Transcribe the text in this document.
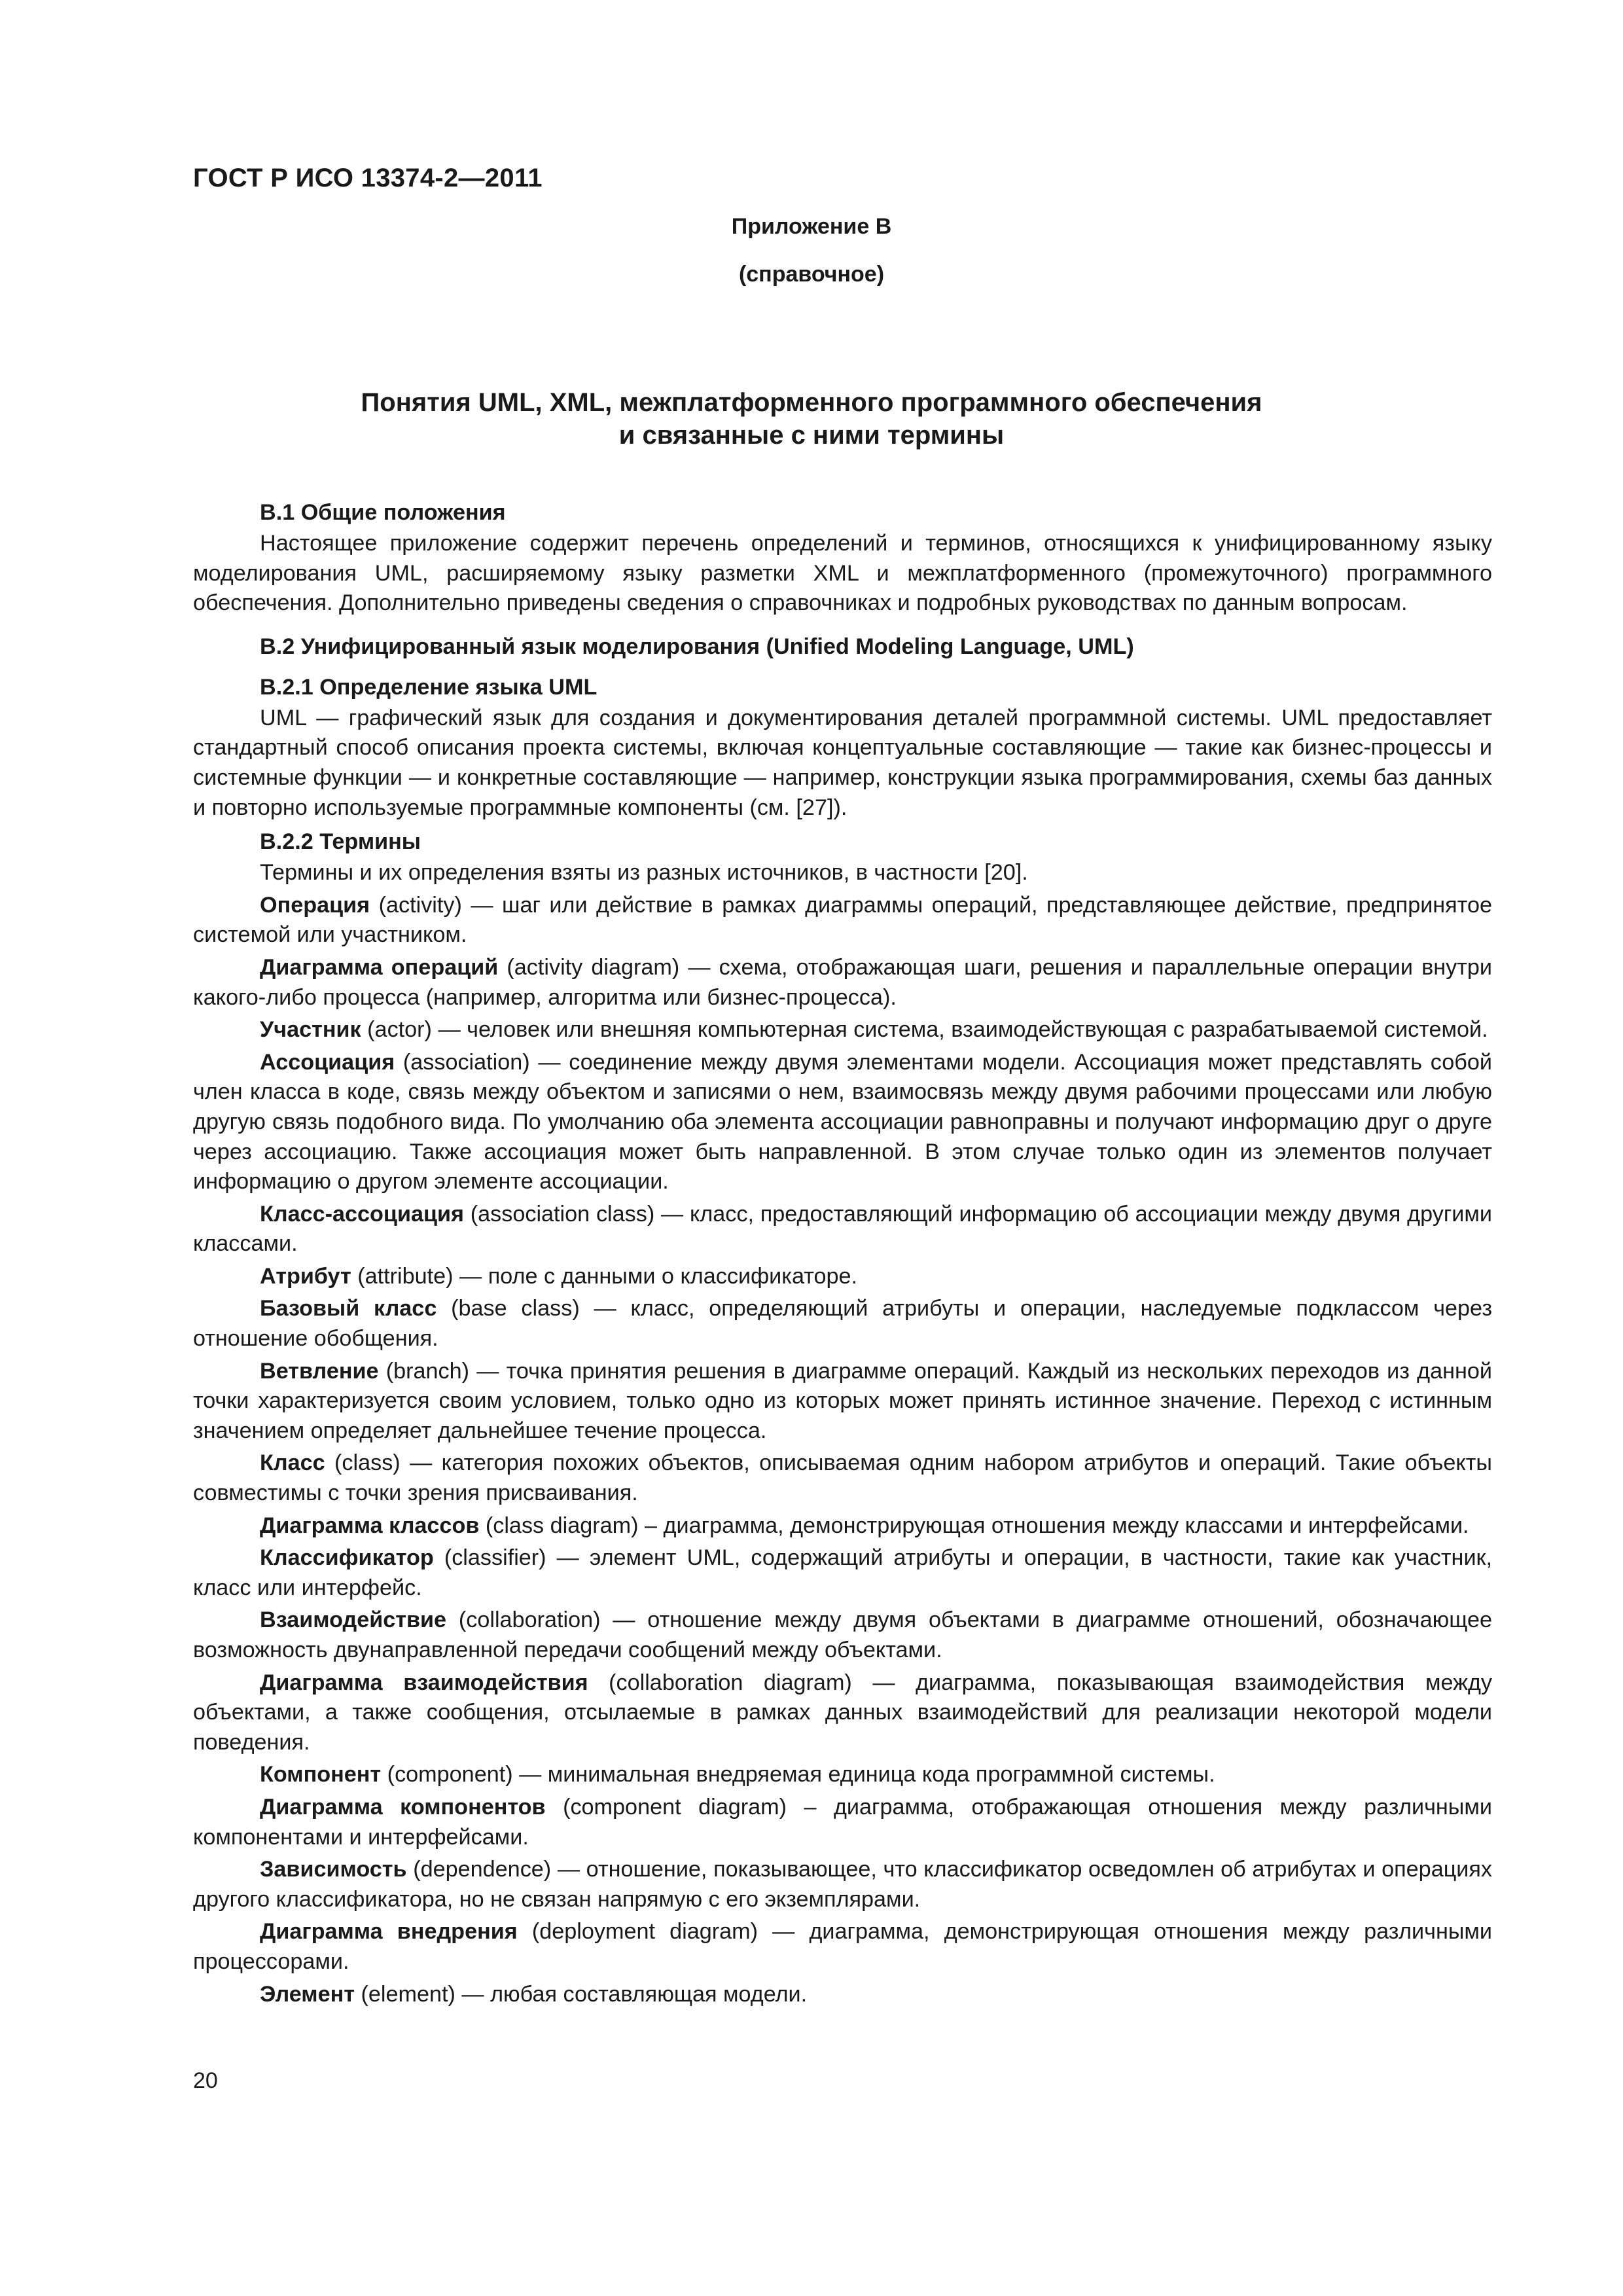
ГОСТ Р ИСО 13374-2—2011
Приложение В
(справочное)
Понятия UML, XML, межплатформенного программного обеспечения
и связанные с ними термины
В.1 Общие положения

Настоящее приложение содержит перечень определений и терминов, относящихся к унифицированному языку моделирования UML, расширяемому языку разметки XML и межплатформенного (промежуточного) программного обеспечения. Дополнительно приведены сведения о справочниках и подробных руководствах по данным вопросам.

В.2 Унифицированный язык моделирования (Unified Modeling Language, UML)
В.2.1 Определение языка UML

UML — графический язык для создания и документирования деталей программной системы. UML предоставляет стандартный способ описания проекта системы, включая концептуальные составляющие — такие как бизнес-процессы и системные функции — и конкретные составляющие — например, конструкции языка программирования, схемы баз данных и повторно используемые программные компоненты (см. [27]).

В.2.2 Термины

Термины и их определения взяты из разных источников, в частности [20].

Операция (activity) — шаг или действие в рамках диаграммы операций, представляющее действие, предпринятое системой или участником.

Диаграмма операций (activity diagram) — схема, отображающая шаги, решения и параллельные операции внутри какого-либо процесса (например, алгоритма или бизнес-процесса).

Участник (actor) — человек или внешняя компьютерная система, взаимодействующая с разрабатываемой системой.

Ассоциация (association) — соединение между двумя элементами модели. Ассоциация может представлять собой член класса в коде, связь между объектом и записями о нем, взаимосвязь между двумя рабочими процессами или любую другую связь подобного вида. По умолчанию оба элемента ассоциации равноправны и получают информацию друг о друге через ассоциацию. Также ассоциация может быть направленной. В этом случае только один из элементов получает информацию о другом элементе ассоциации.

Класс-ассоциация (association class) — класс, предоставляющий информацию об ассоциации между двумя другими классами.

Атрибут (attribute) — поле с данными о классификаторе.

Базовый класс (base class) — класс, определяющий атрибуты и операции, наследуемые подклассом через отношение обобщения.

Ветвление (branch) — точка принятия решения в диаграмме операций. Каждый из нескольких переходов из данной точки характеризуется своим условием, только одно из которых может принять истинное значение. Переход с истинным значением определяет дальнейшее течение процесса.

Класс (class) — категория похожих объектов, описываемая одним набором атрибутов и операций. Такие объекты совместимы с точки зрения присваивания.

Диаграмма классов (class diagram) – диаграмма, демонстрирующая отношения между классами и интерфейсами.

Классификатор (classifier) — элемент UML, содержащий атрибуты и операции, в частности, такие как участник, класс или интерфейс.

Взаимодействие (collaboration) — отношение между двумя объектами в диаграмме отношений, обозначающее возможность двунаправленной передачи сообщений между объектами.

Диаграмма взаимодействия (collaboration diagram) — диаграмма, показывающая взаимодействия между объектами, а также сообщения, отсылаемые в рамках данных взаимодействий для реализации некоторой модели поведения.

Компонент (component) — минимальная внедряемая единица кода программной системы.

Диаграмма компонентов (component diagram) – диаграмма, отображающая отношения между различными компонентами и интерфейсами.

Зависимость (dependence) — отношение, показывающее, что классификатор осведомлен об атрибутах и операциях другого классификатора, но не связан напрямую с его экземплярами.

Диаграмма внедрения (deployment diagram) — диаграмма, демонстрирующая отношения между различными процессорами.

Элемент (element) — любая составляющая модели.

20
